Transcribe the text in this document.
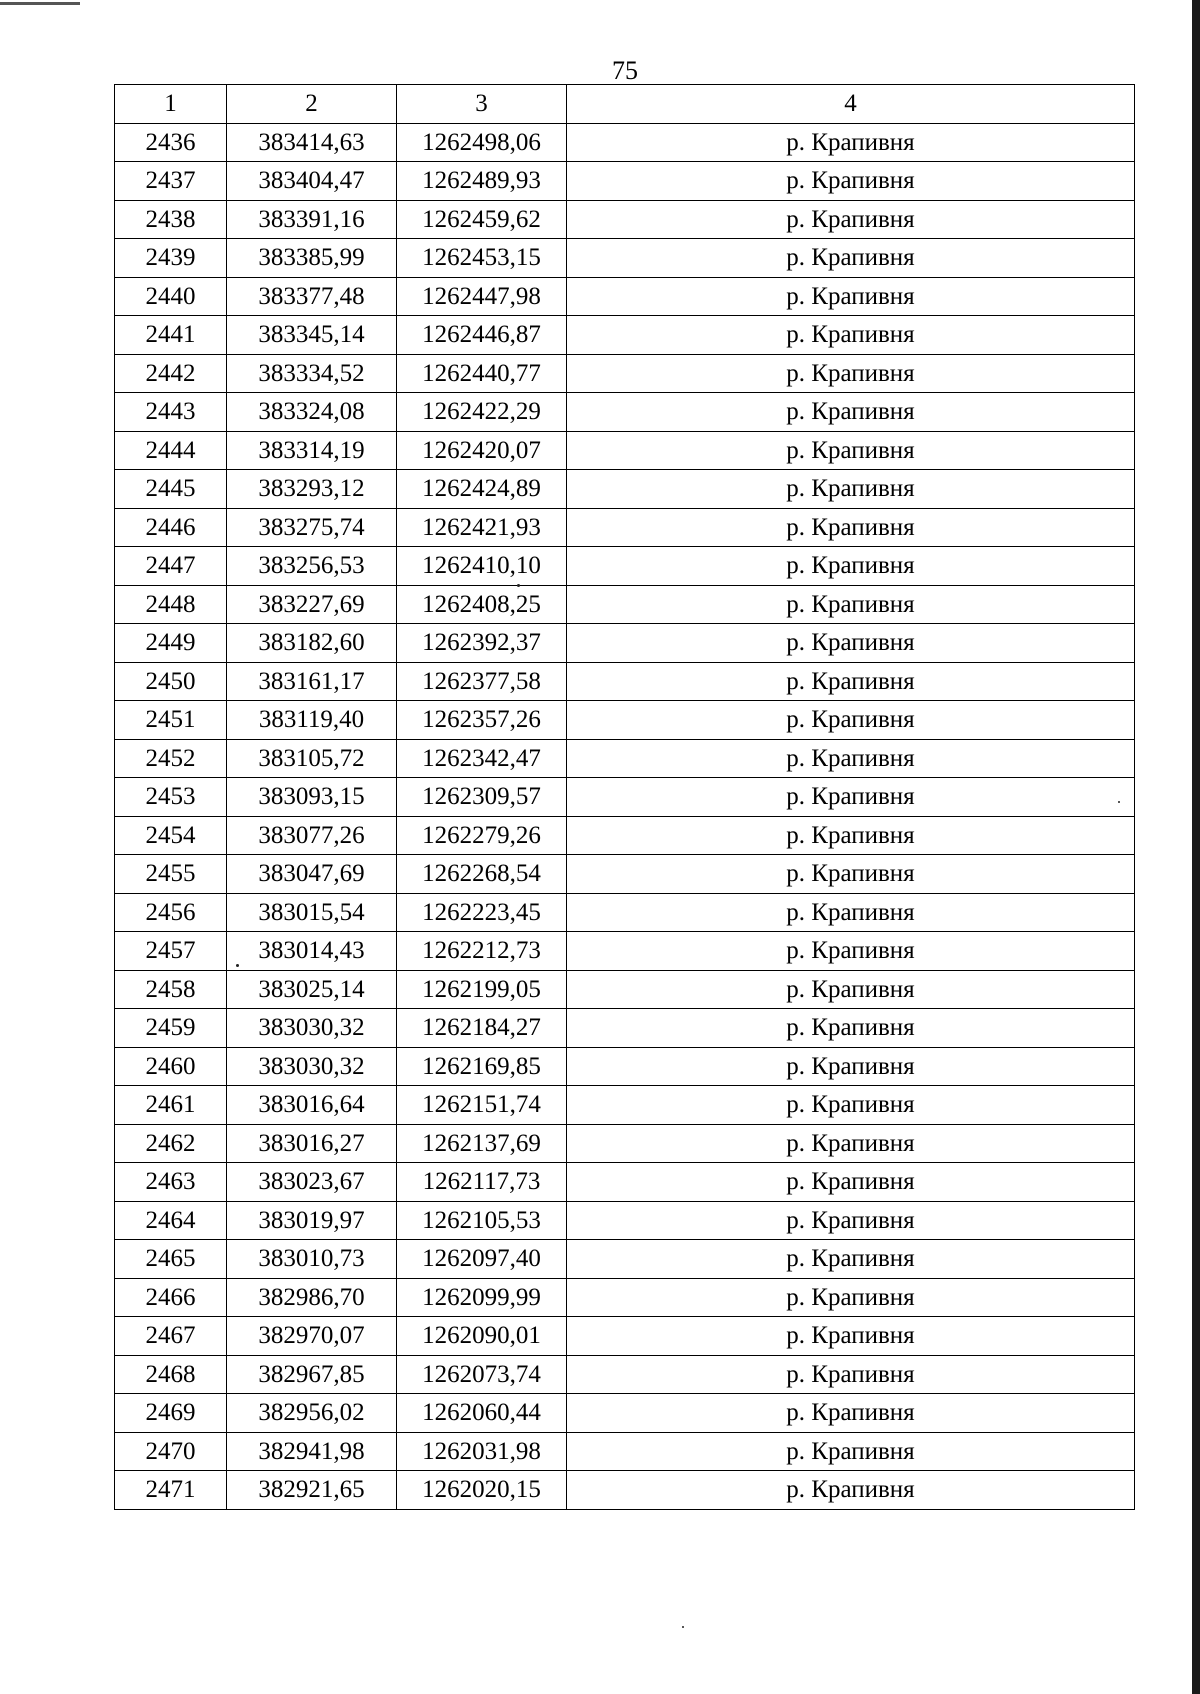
75
1	2	3	4
2436	383414,63	1262498,06	р. Крапивня
2437	383404,47	1262489,93	р. Крапивня
2438	383391,16	1262459,62	р. Крапивня
2439	383385,99	1262453,15	р. Крапивня
2440	383377,48	1262447,98	р. Крапивня
2441	383345,14	1262446,87	р. Крапивня
2442	383334,52	1262440,77	р. Крапивня
2443	383324,08	1262422,29	р. Крапивня
2444	383314,19	1262420,07	р. Крапивня
2445	383293,12	1262424,89	р. Крапивня
2446	383275,74	1262421,93	р. Крапивня
2447	383256,53	1262410,10	р. Крапивня
2448	383227,69	1262408,25	р. Крапивня
2449	383182,60	1262392,37	р. Крапивня
2450	383161,17	1262377,58	р. Крапивня
2451	383119,40	1262357,26	р. Крапивня
2452	383105,72	1262342,47	р. Крапивня
2453	383093,15	1262309,57	р. Крапивня
2454	383077,26	1262279,26	р. Крапивня
2455	383047,69	1262268,54	р. Крапивня
2456	383015,54	1262223,45	р. Крапивня
2457	383014,43	1262212,73	р. Крапивня
2458	383025,14	1262199,05	р. Крапивня
2459	383030,32	1262184,27	р. Крапивня
2460	383030,32	1262169,85	р. Крапивня
2461	383016,64	1262151,74	р. Крапивня
2462	383016,27	1262137,69	р. Крапивня
2463	383023,67	1262117,73	р. Крапивня
2464	383019,97	1262105,53	р. Крапивня
2465	383010,73	1262097,40	р. Крапивня
2466	382986,70	1262099,99	р. Крапивня
2467	382970,07	1262090,01	р. Крапивня
2468	382967,85	1262073,74	р. Крапивня
2469	382956,02	1262060,44	р. Крапивня
2470	382941,98	1262031,98	р. Крапивня
2471	382921,65	1262020,15	р. Крапивня
